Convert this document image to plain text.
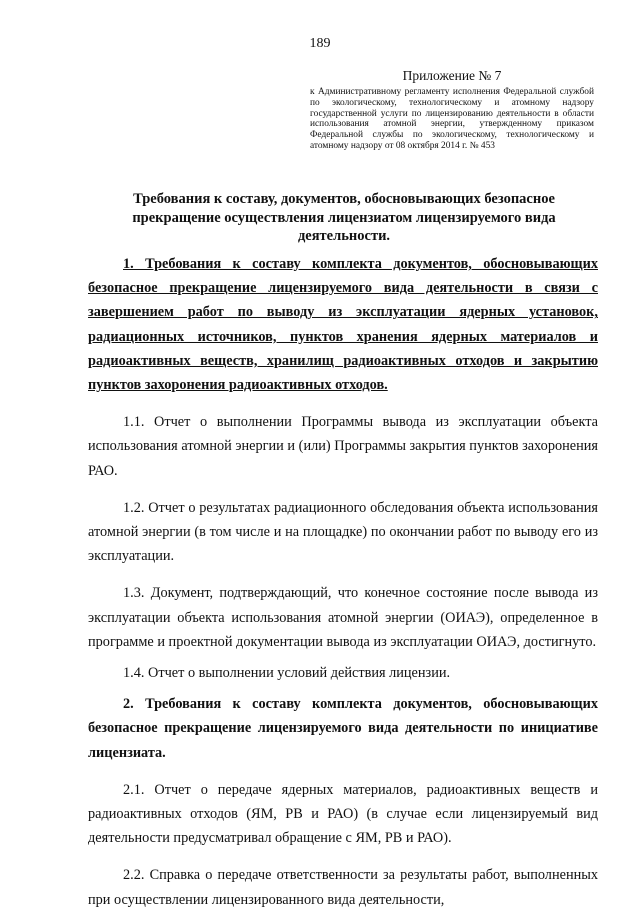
189

Приложение № 7

к Административному регламенту исполнения Федеральной службой по экологическому, технологическому и атомному надзору государственной услуги по лицензированию деятельности в области использования атомной энергии, утвержденному приказом Федеральной службы по экологическому, технологическому и атомному надзору от 08 октября 2014 г. № 453

Требования к составу, документов, обосновывающих безопасное прекращение осуществления лицензиатом лицензируемого вида деятельности.

1. Требования к составу комплекта документов, обосновывающих безопасное прекращение лицензируемого вида деятельности в связи с завершением работ по выводу из эксплуатации ядерных установок, радиационных источников, пунктов хранения ядерных материалов и радиоактивных веществ, хранилищ радиоактивных отходов и закрытию пунктов захоронения радиоактивных отходов.

1.1. Отчет о выполнении Программы вывода из эксплуатации объекта использования атомной энергии и (или) Программы закрытия пунктов захоронения РАО.

1.2. Отчет о результатах радиационного обследования объекта использования атомной энергии (в том числе и на площадке) по окончании работ по выводу его из эксплуатации.

1.3. Документ, подтверждающий, что конечное состояние после вывода из эксплуатации объекта использования атомной энергии (ОИАЭ), определенное в программе и проектной документации вывода из эксплуатации ОИАЭ, достигнуто.

1.4. Отчет о выполнении условий действия лицензии.

2. Требования к составу комплекта документов, обосновывающих безопасное прекращение лицензируемого вида деятельности по инициативе лицензиата.

2.1. Отчет о передаче ядерных материалов, радиоактивных веществ и радиоактивных отходов (ЯМ, РВ и РАО) (в случае если лицензируемый вид деятельности предусматривал обращение с ЯМ, РВ и РАО).

2.2. Справка о передаче ответственности за результаты работ, выполненных при осуществлении лицензированного вида деятельности,
